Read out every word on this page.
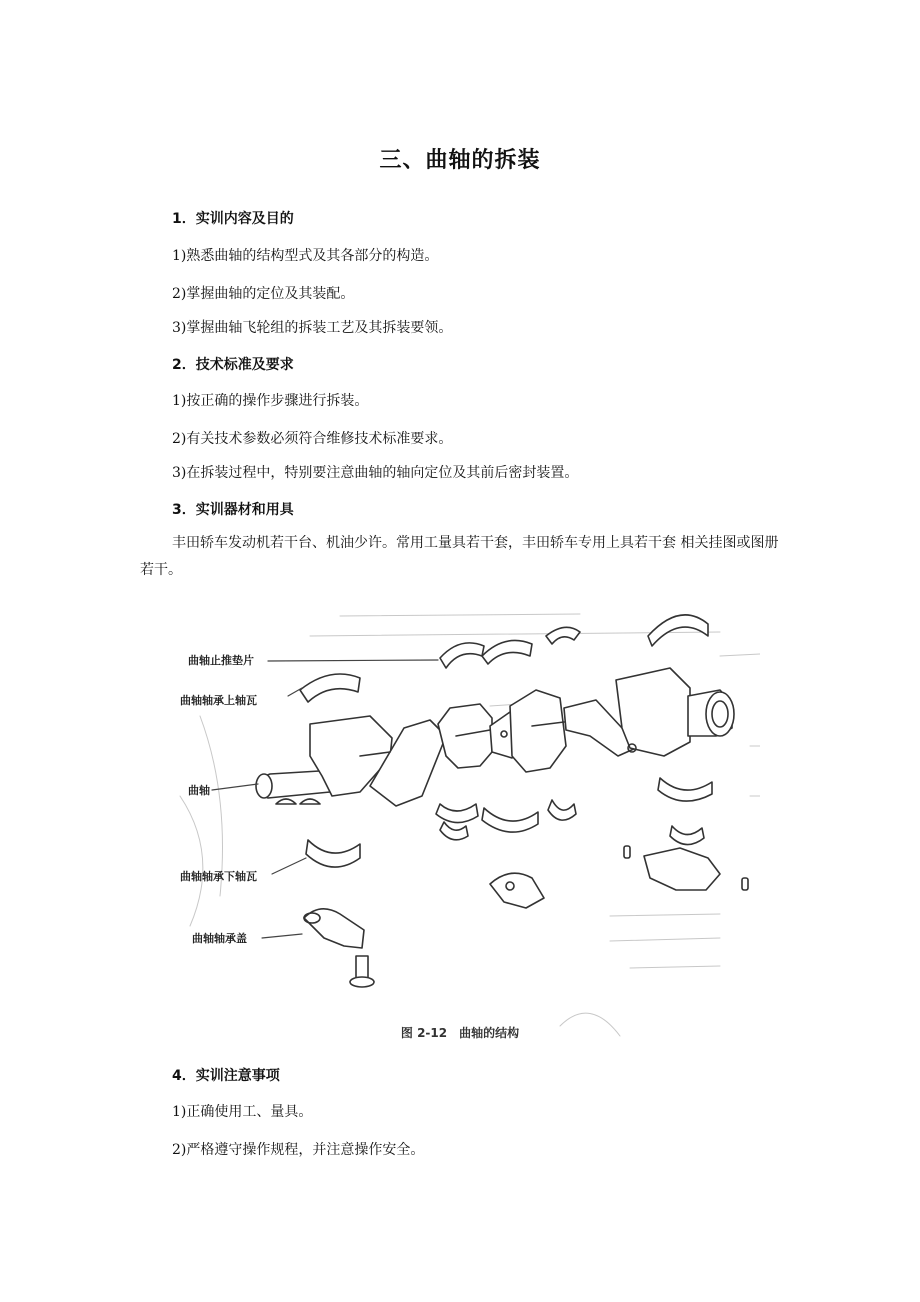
三、曲轴的拆装
1．实训内容及目的
1)熟悉曲轴的结构型式及其各部分的构造。
2)掌握曲轴的定位及其装配。
3)掌握曲轴飞轮组的拆装工艺及其拆装要领。
2．技术标准及要求
1)按正确的操作步骤进行拆装。
2)有关技术参数必须符合维修技术标准要求。
3)在拆装过程中，特别要注意曲轴的轴向定位及其前后密封装置。
3．实训器材和用具
丰田轿车发动机若干台、机油少许。常用工量具若干套，丰田轿车专用上具若干套 相关挂图或图册若干。
曲轴止推垫片
曲轴轴承上轴瓦
曲轴
曲轴轴承下轴瓦
曲轴轴承盖
图 2-12　曲轴的结构
4．实训注意事项
1)正确使用工、量具。
2)严格遵守操作规程，并注意操作安全。
